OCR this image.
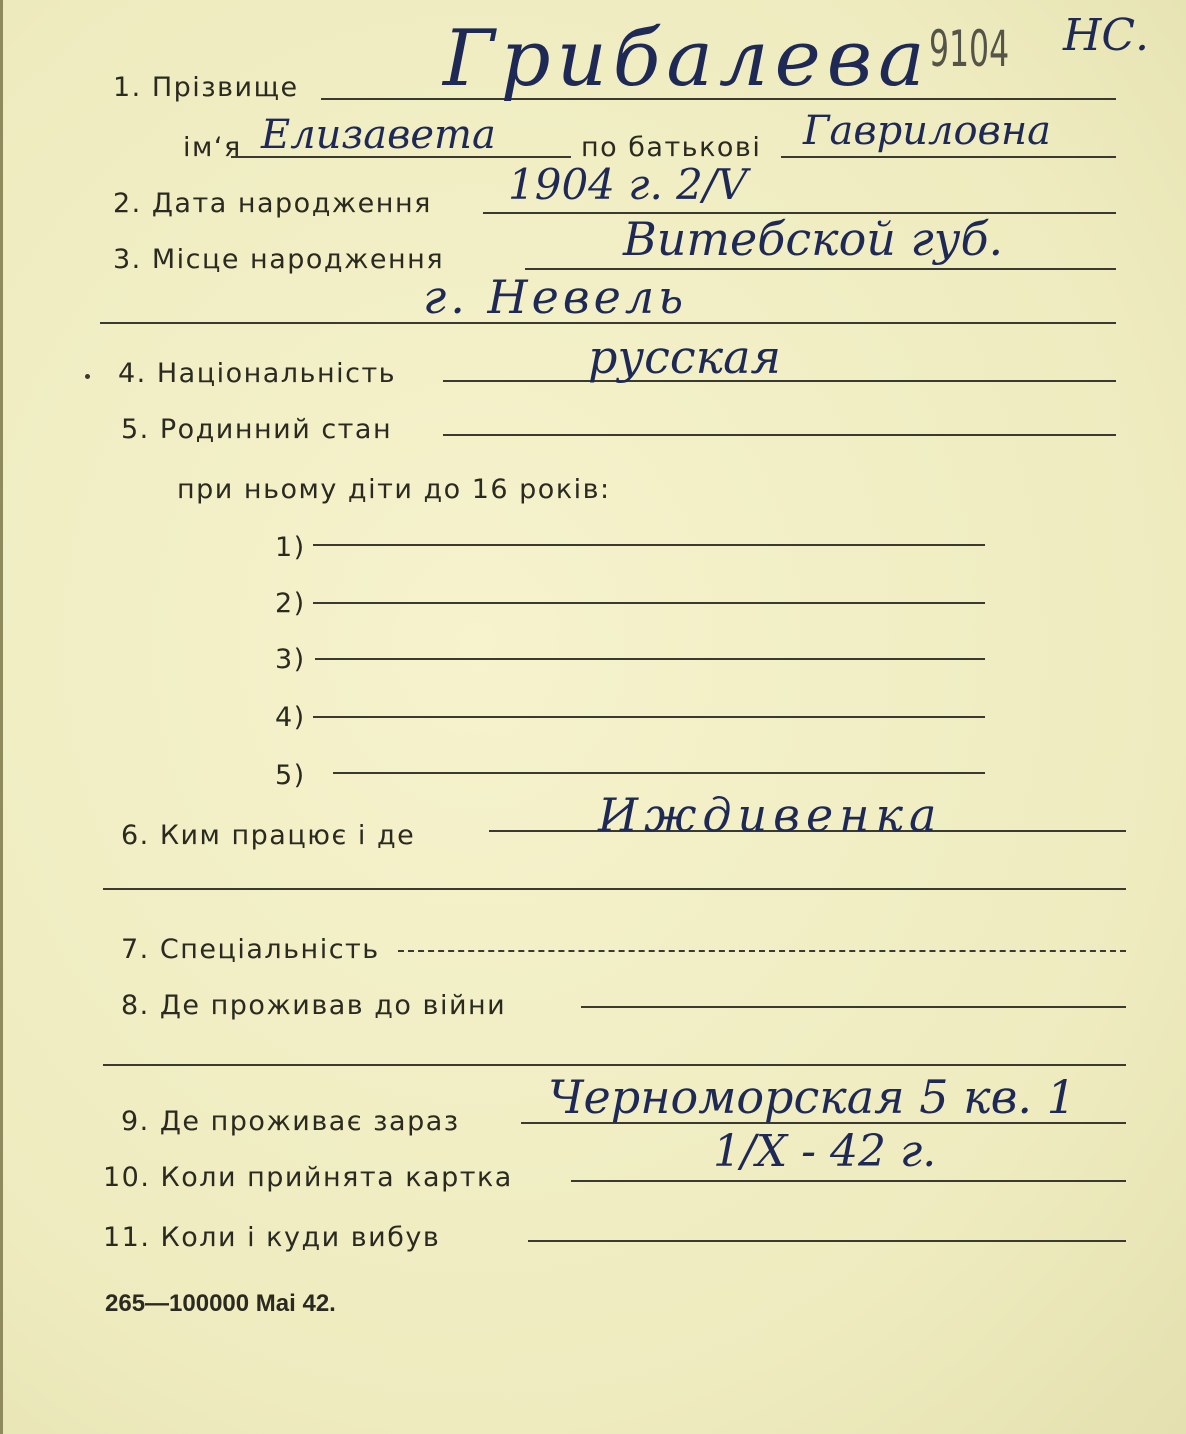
9104 НС.
1. Прізвище Грибалева
ім‘я Елизавета	по батькові Гавриловна
2. Дата народження 1904 г. 2/V
3. Місце народження	Витебской губ.
г. Невель
4. Національність	русская
5. Родинний стан
при ньому діти до 16 років:
1)
2)
3)
4)
5)
6. Ким працює і де	Иждивенка
7. Спеціальність
8. Де проживав до війни
9. Де проживає зараз Черноморская 5 кв. 1
10. Коли прийнята картка
1/X - 42 г.
11. Коли і куди вибув
265—100000 Mai 42.
